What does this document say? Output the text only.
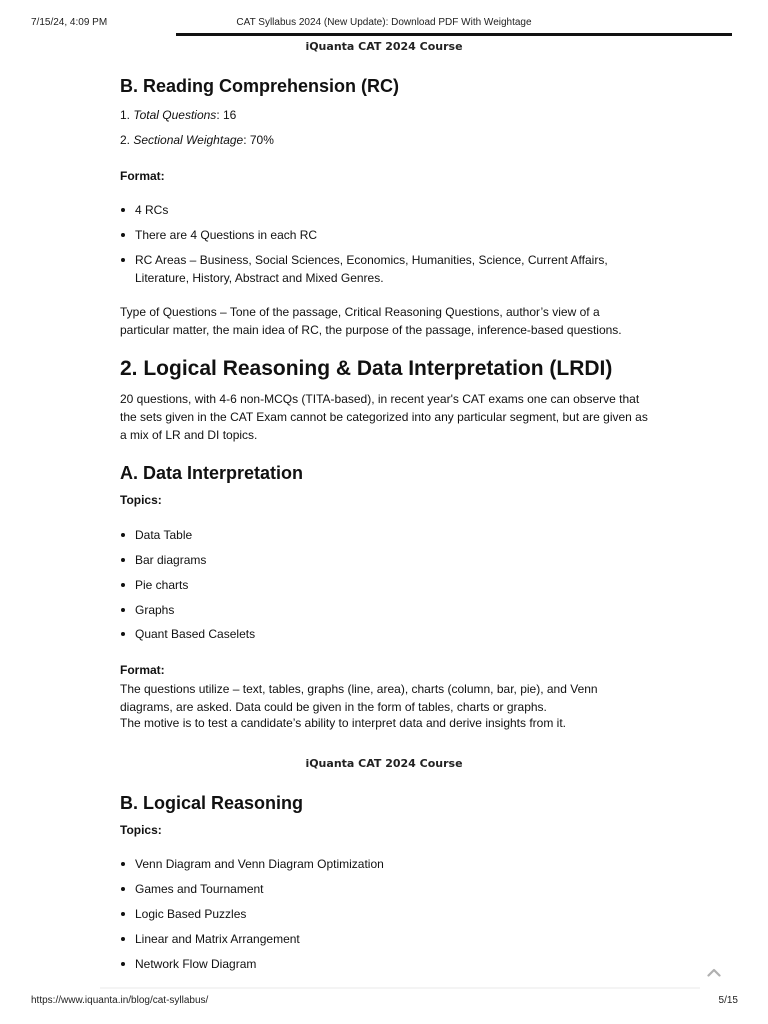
7/15/24, 4:09 PM	CAT Syllabus 2024 (New Update): Download PDF With Weightage
iQuanta CAT 2024 Course
B. Reading Comprehension (RC)
1. Total Questions: 16
2. Sectional Weightage: 70%
Format:
4 RCs
There are 4 Questions in each RC
RC Areas – Business, Social Sciences, Economics, Humanities, Science, Current Affairs, Literature, History, Abstract and Mixed Genres.
Type of Questions – Tone of the passage, Critical Reasoning Questions, author’s view of a particular matter, the main idea of RC, the purpose of the passage, inference-based questions.
2. Logical Reasoning & Data Interpretation (LRDI)
20 questions, with 4-6 non-MCQs (TITA-based), in recent year's CAT exams one can observe that the sets given in the CAT Exam cannot be categorized into any particular segment, but are given as a mix of LR and DI topics.
A. Data Interpretation
Topics:
Data Table
Bar diagrams
Pie charts
Graphs
Quant Based Caselets
Format:
The questions utilize – text, tables, graphs (line, area), charts (column, bar, pie), and Venn diagrams, are asked. Data could be given in the form of tables, charts or graphs.
The motive is to test a candidate’s ability to interpret data and derive insights from it.
iQuanta CAT 2024 Course
B. Logical Reasoning
Topics:
Venn Diagram and Venn Diagram Optimization
Games and Tournament
Logic Based Puzzles
Linear and Matrix Arrangement
Network Flow Diagram
https://www.iquanta.in/blog/cat-syllabus/	5/15
